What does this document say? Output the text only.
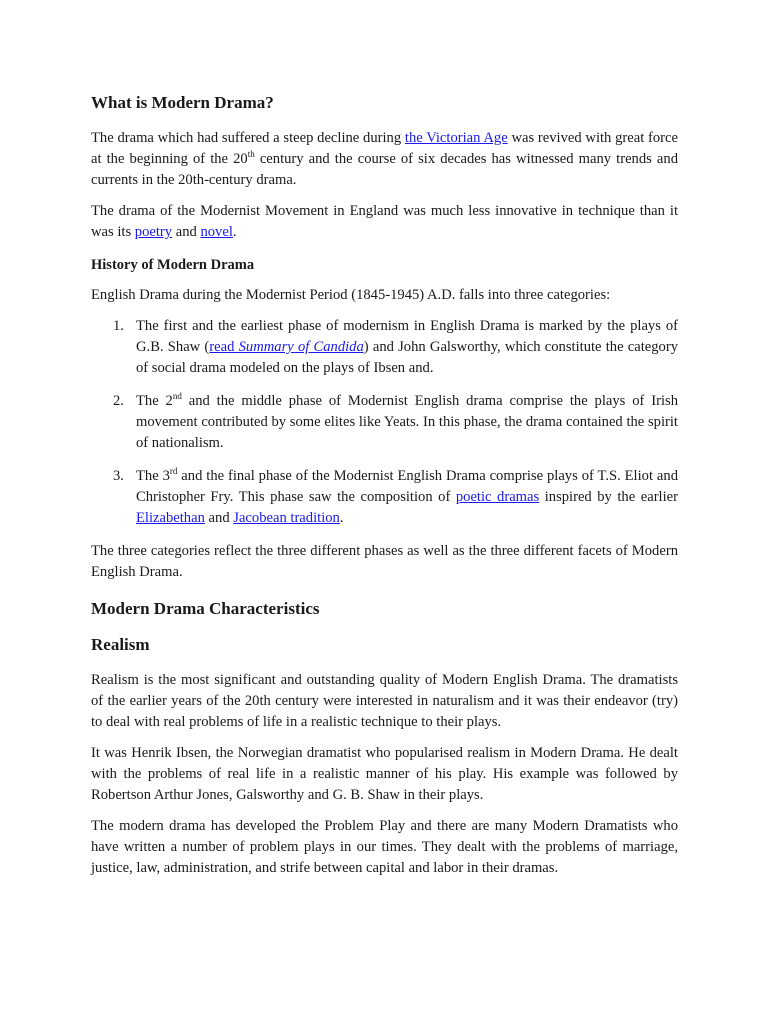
What is Modern Drama?

The drama which had suffered a steep decline during the Victorian Age was revived with great force at the beginning of the 20th century and the course of six decades has witnessed many trends and currents in the 20th-century drama.

The drama of the Modernist Movement in England was much less innovative in technique than it was its poetry and novel.

History of Modern Drama

English Drama during the Modernist Period (1845-1945) A.D. falls into three categories:

1. The first and the earliest phase of modernism in English Drama is marked by the plays of G.B. Shaw (read Summary of Candida) and John Galsworthy, which constitute the category of social drama modeled on the plays of Ibsen and.
2. The 2nd and the middle phase of Modernist English drama comprise the plays of Irish movement contributed by some elites like Yeats. In this phase, the drama contained the spirit of nationalism.
3. The 3rd and the final phase of the Modernist English Drama comprise plays of T.S. Eliot and Christopher Fry. This phase saw the composition of poetic dramas inspired by the earlier Elizabethan and Jacobean tradition.

The three categories reflect the three different phases as well as the three different facets of Modern English Drama.

Modern Drama Characteristics
Realism

Realism is the most significant and outstanding quality of Modern English Drama. The dramatists of the earlier years of the 20th century were interested in naturalism and it was their endeavor (try) to deal with real problems of life in a realistic technique to their plays.

It was Henrik Ibsen, the Norwegian dramatist who popularised realism in Modern Drama. He dealt with the problems of real life in a realistic manner of his play. His example was followed by Robertson Arthur Jones, Galsworthy and G. B. Shaw in their plays.

The modern drama has developed the Problem Play and there are many Modern Dramatists who have written a number of problem plays in our times. They dealt with the problems of marriage, justice, law, administration, and strife between capital and labor in their dramas.
